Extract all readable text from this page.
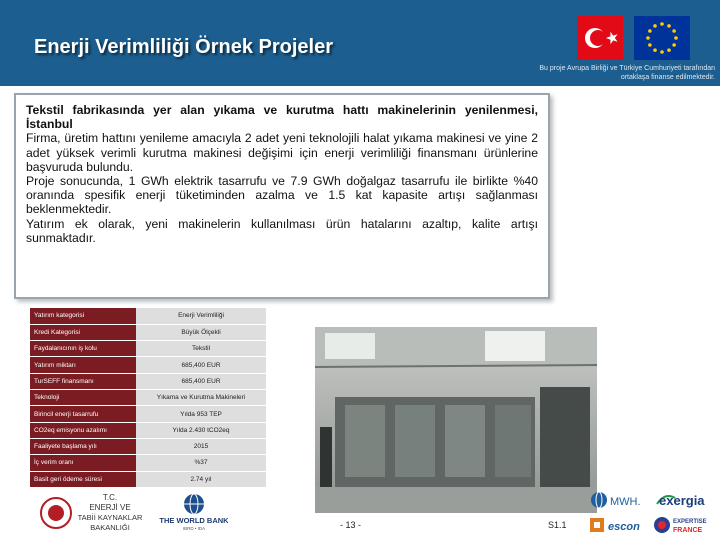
Enerji Verimliliği Örnek Projeler
Bu proje Avrupa Birliği ve Türkiye Cumhuriyeti tarafından ortaklaşa finanse edilmektedir.
Tekstil fabrikasında yer alan yıkama ve kurutma hattı makinelerinin yenilenmesi, İstanbul
Firma, üretim hattını yenileme amacıyla 2 adet yeni teknolojili halat yıkama makinesi ve yine 2 adet yüksek verimli kurutma makinesi değişimi için enerji verimliliği finansmanı ürünlerine başvuruda bulundu.
Proje sonucunda, 1 GWh elektrik tasarrufu ve 7.9 GWh doğalgaz tasarrufu ile birlikte %40 oranında spesifik enerji tüketiminden azalma ve 1.5 kat kapasite artışı sağlanması beklenmektedir.
Yatırım ek olarak, yeni makinelerin kullanılması ürün hatalarını azaltıp, kalite artışı sunmaktadır.
Yatırım kategorisi	Enerji Verimliliği
Kredi Kategorisi	Büyük Ölçekli
Faydalanıcının iş kolu	Tekstil
Yatırım miktarı	685,400 EUR
TurSEFF finansmanı	685,400 EUR
Teknoloji	Yıkama ve Kurutma Makineleri
Birincil enerji tasarrufu	Yılda 953 TEP
CO2eq emisyonu azalımı	Yılda 2.430 tCO2eq
Faaliyete başlama yılı	2015
İç verim oranı	%37
Basit geri ödeme süresi	2.74 yıl
T.C.
ENERJİ VE
TABİİ KAYNAKLAR
BAKANLIĞI
THE WORLD BANK
IBRD • IDA	- 13 -	S1.1
MWH. exergia
escon	EXPERTISE
FRANCE
